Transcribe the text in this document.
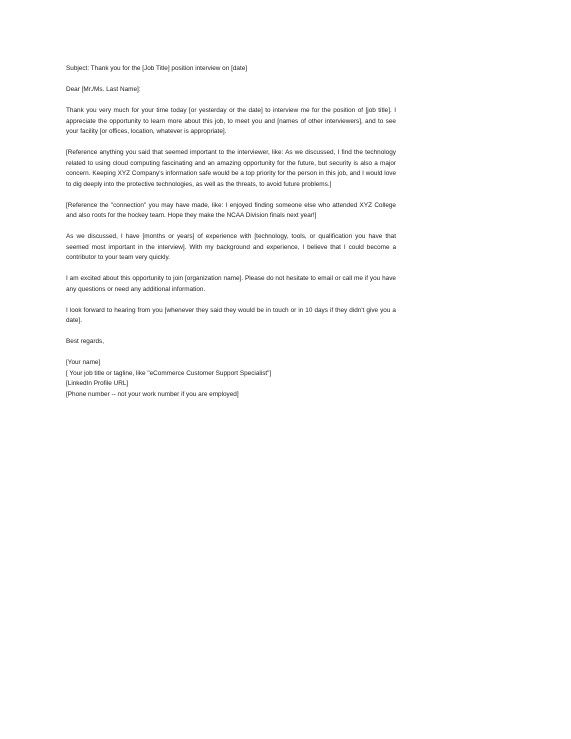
Subject: Thank you for the [Job Title] position interview on [date]
Dear [Mr./Ms. Last Name]:

Thank you very much for your time today [or yesterday or the date] to interview me for the position of [job title]. I appreciate the opportunity to learn more about this job, to meet you and [names of other interviewers], and to see your facility [or offices, location, whatever is appropriate].

[Reference anything you said that seemed important to the interviewer, like: As we discussed, I find the technology related to using cloud computing fascinating and an amazing opportunity for the future, but security is also a major concern. Keeping XYZ Company's information safe would be a top priority for the person in this job, and I would love to dig deeply into the protective technologies, as well as the threats, to avoid future problems.]

[Reference the "connection" you may have made, like: I enjoyed finding someone else who attended XYZ College and also roots for the hockey team. Hope they make the NCAA Division finals next year!]

As we discussed, I have [months or years] of experience with [technology, tools, or qualification you have that seemed most important in the interview]. With my background and experience, I believe that I could become a contributor to your team very quickly.

I am excited about this opportunity to join [organization name]. Please do not hesitate to email or call me if you have any questions or need any additional information.

I look forward to hearing from you [whenever they said they would be in touch or in 10 days if they didn't give you a date].

Best regards,
[Your name]
[ Your job title or tagline, like "eCommerce Customer Support Specialist"]
[LinkedIn Profile URL]
[Phone number -- not your work number if you are employed]
